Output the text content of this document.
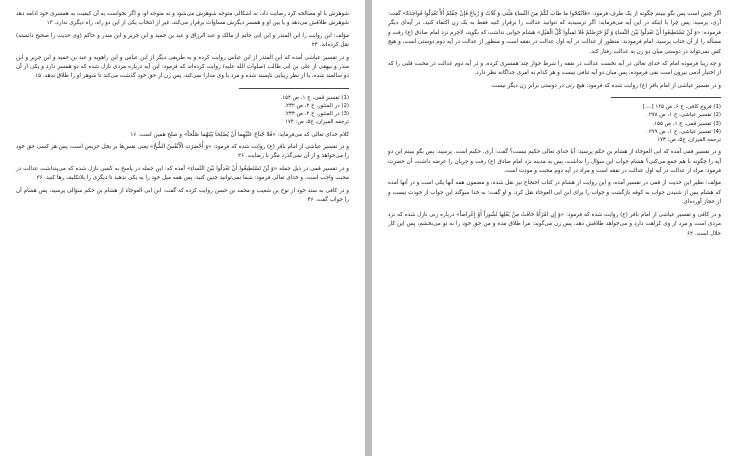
شوهرش با او مصالحه کرد رضایت داد، نه اشکالی متوجه شوهرش می‌شود و نه متوجه او، و اگر نخواست به آن کیفیت به همسری خود ادامه دهد شوهرش طلاقش می‌دهد و یا بین او و همسر دیگرش مساوات برقرار می‌کند، غیر از انتخاب یکی از این دو راه، راه دیگری ندارد. ۱۳

مؤلف: این روایت را ابن المنذر و ابن ابی حاتم از مالک و عبد الرزاق و عبد بن حمید و ابن جریر و ابن منذر و حاکم (وی حدیث را صحیح دانسته) نقل کرده‌اند. ۲۴

و در تفسیر عیاشی آمده که ابن المنذر از ابن عباس روایت کرده و به طریقی دیگر از ابن عباس و ابن راهویه و عبد بن حمید و ابن جریر و ابن منذر و بیهقی از علی بن ابی طالب (صلوات الله علیه) روایت کرده‌اند که فرمود: این آیه درباره مردی نازل شده که دو همسر دارد و یکی از آن دو سالمند شده، یا از نظر زیبایی ناپسند شده و مرد با وی مدارا نمی‌کند، پس زن از حق خود گذشت می‌کند تا شوهر او را طلاق ندهد. ۱۵

(1) تفسیر قمی، ج ۱، ص ۱۵۴.

(2) در المنثور، ج ۲، ص ۲۳۲.

(3) در المنثور، ج ۲، ص ۲۳۳.

ترجمه المیزان، ج۵، ص: ۱۷۴

کلام خدای تعالی که می‌فرماید: «فَلا جُناحَ عَلَيْهِما أَنْ يُصْلِحا بَيْنَهُما صُلْحاً» و صلح همین است. ۱۶

و در تفسیر عیاشی از امام باقر (ع) روایت شده که فرمود: «وَ أُحْضِرَتِ الْأَنْفُسُ الشُّحَّ» یعنی نفس‌ها بر بخل حریص است، پس هر کسی حق خود را می‌خواهد و از آن نمی‌گذرد مگر با رضایت. ۲۶

و در تفسیر قمی در ذیل جمله «وَ لَنْ تَسْتَطِيعُوا أَنْ تَعْدِلُوا بَيْنَ النِّساءِ» آمده که: این جمله در پاسخ به کسی نازل شده که می‌پنداشت عدالت در محبت واجب است، و خدای تعالی فرمود: شما نمی‌توانید چنین کنید، پس همه میل خود را به یکی ندهید تا دیگری را بلاتکلیف رها کنید. ۳۶

و در کافی به سند خود از نوح بن شعیب و محمد بن حسن روایت کرده که گفت: ابن ابی العوجاء از هشام بن حکم سؤالی پرسید، پس هشام آن را جواب گفت. ۴۶

اگر چنین است پس بگو ببینم چگونه از یک طرف فرمود: «فَانْكِحُوا ما طابَ لَكُمْ مِنَ النِّساءِ مَثْنى وَ ثُلاثَ وَ رُباعَ فَإِنْ خِفْتُمْ أَلاَّ تَعْدِلُوا فَواحِدَةً» گفت: آری، پرسید: پس چرا با اینکه در این آیه می‌فرماید: اگر ترسیدید که نتوانید عدالت را برقرار کنید فقط به یک زن اکتفاء کنید، در آیه‌ای دیگر فرموده: «وَ لَنْ تَسْتَطِيعُوا أَنْ تَعْدِلُوا بَيْنَ النِّساءِ وَ لَوْ حَرَصْتُمْ فَلا تَمِيلُوا كُلَّ الْمَيْلِ» هشام جوابی نداشت که بگوید، لاجرم نزد امام صادق (ع) رفت و مسأله را از آن جناب پرسید، امام فرمودند: منظور از عدالت در آیه اول عدالت در نفقه است و منظور از عدالت در آیه دوم دوستی است، و هیچ کس نمی‌تواند در دوستی میان دو زن به عدالت رفتار کند.

و چه زیبا فرموده امام که خدای تعالی در آیه نخست عدالت در نفقه را شرط جواز چند همسری کرده، و در آیه دوم عدالت در محبت قلبی را که از اختیار آدمی بیرون است نفی فرموده، پس میان دو آیه تنافی نیست و هر کدام به امری جداگانه نظر دارد.

و در تفسیر عیاشی از امام باقر (ع) روایت شده که فرمود: هیچ زنی در دوستی برابر زن دیگر نیست.

(1) فروع کافی، ج ۶، ص ۱۴۵ [....]

(2) تفسیر عیاشی، ج ۱، ص ۲۷۸.

(3) تفسیر قمی، ج ۱، ص ۱۵۵.

(4) تفسیر عیاشی، ج ۱، ص ۲۷۹.

ترجمه المیزان، ج۵، ص: ۱۷۳

و در تفسیر قمی آمده که ابی العوجاء از هشام بن حکم پرسید: آیا خدای تعالی حکیم نیست؟ گفت: آری، حکیم است. پرسید: پس بگو ببینم این دو آیه را چگونه با هم جمع می‌کنی؟ هشام جواب این سؤال را نداشت، پس به مدینه نزد امام صادق (ع) رفت و جریان را عرضه داشت، آن حضرت فرمود: مراد از عدالت در آیه اول عدالت در نفقه است و مراد در آیه دوم محبت و مودت است.

مؤلف: نظیر این حدیث از قمی در تفسیر آمده، و این روایت از هشام در کتاب احتجاج نیز نقل شده، و مضمون همه آنها یکی است و در آنها آمده که هشام پس از شنیدن جواب به کوفه بازگشت و جواب را برای ابن ابی العوجاء نقل کرد، و او گفت: به خدا سوگند این جواب از خودت نیست و از حجاز آورده‌ای.

و در کافی و تفسیر عیاشی از امام باقر (ع) روایت شده که فرمود: «وَ إِنِ امْرَأَةٌ خافَتْ مِنْ بَعْلِها نُشُوزاً أَوْ إِعْراضاً» درباره زنی نازل شده که نزد مردی است و مرد از وی کراهت دارد و می‌خواهد طلاقش دهد، پس زن می‌گوید: مرا طلاق مده و من حق خود را به تو می‌بخشم، پس این کار حلال است. ۶۲
